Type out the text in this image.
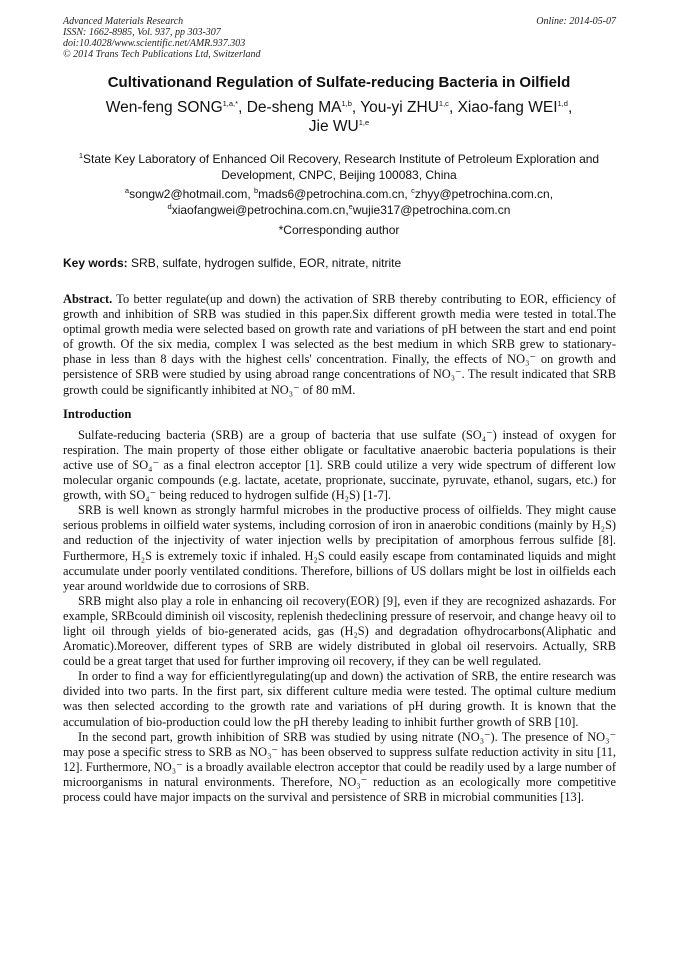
Advanced Materials Research
ISSN: 1662-8985, Vol. 937, pp 303-307
doi:10.4028/www.scientific.net/AMR.937.303
© 2014 Trans Tech Publications Ltd, Switzerland
Online: 2014-05-07
Cultivationand Regulation of Sulfate-reducing Bacteria in Oilfield
Wen-feng $SONG^{1,a,*}$, De-sheng MA$^{1,b}$, You-yi ZHU$^{1,c}$, Xiao-fang WEI$^{1,d}$,
Jie WU$^{1,e}$
$^1$State Key Laboratory of Enhanced Oil Recovery, Research Institute of Petroleum Exploration and Development, CNPC, Beijing 100083, China
$^a$songw2@hotmail.com, $^b$mads6@petrochina.com.cn, $^c$zhyy@petrochina.com.cn,
$^d$xiaofangwei@petrochina.com.cn,$^e$wujie317@petrochina.com.cn
*Corresponding author
Key words: SRB, sulfate, hydrogen sulfide, EOR, nitrate, nitrite

Abstract. To better regulate(up and down) the activation of SRB thereby contributing to EOR, efficiency of growth and inhibition of SRB was studied in this paper.Six different growth media were tested in total.The optimal growth media were selected based on growth rate and variations of pH between the start and end point of growth. Of the six media, complex I was selected as the best medium in which SRB grew to stationary-phase in less than 8 days with the highest cells' concentration. Finally, the effects of NO₃⁻ on growth and persistence of SRB were studied by using abroad range concentrations of NO₃⁻. The result indicated that SRB growth could be significantly inhibited at NO₃⁻ of 80 mM.

Introduction

Sulfate-reducing bacteria (SRB) are a group of bacteria that use sulfate (SO₄⁻) instead of oxygen for respiration. The main property of those either obligate or facultative anaerobic bacteria populations is their active use of SO₄⁻ as a final electron acceptor [1]. SRB could utilize a very wide spectrum of different low molecular organic compounds (e.g. lactate, acetate, proprionate, succinate, pyruvate, ethanol, sugars, etc.) for growth, with SO₄⁻ being reduced to hydrogen sulfide (H₂S) [1-7].

SRB is well known as strongly harmful microbes in the productive process of oilfields. They might cause serious problems in oilfield water systems, including corrosion of iron in anaerobic conditions (mainly by H₂S) and reduction of the injectivity of water injection wells by precipitation of amorphous ferrous sulfide [8]. Furthermore, H₂S is extremely toxic if inhaled. H₂S could easily escape from contaminated liquids and might accumulate under poorly ventilated conditions. Therefore, billions of US dollars might be lost in oilfields each year around worldwide due to corrosions of SRB.

SRB might also play a role in enhancing oil recovery(EOR) [9], even if they are recognized ashazards. For example, SRBcould diminish oil viscosity, replenish thedeclining pressure of reservoir, and change heavy oil to light oil through yields of bio-generated acids, gas (H₂S) and degradation ofhydrocarbons(Aliphatic and Aromatic).Moreover, different types of SRB are widely distributed in global oil reservoirs. Actually, SRB could be a great target that used for further improving oil recovery, if they can be well regulated.

In order to find a way for efficientlyregulating(up and down) the activation of SRB, the entire research was divided into two parts. In the first part, six different culture media were tested. The optimal culture medium was then selected according to the growth rate and variations of pH during growth. It is known that the accumulation of bio-production could low the pH thereby leading to inhibit further growth of SRB [10].

In the second part, growth inhibition of SRB was studied by using nitrate (NO₃⁻). The presence of NO₃⁻ may pose a specific stress to SRB as NO₃⁻ has been observed to suppress sulfate reduction activity in situ [11, 12]. Furthermore, NO₃⁻ is a broadly available electron acceptor that could be readily used by a large number of microorganisms in natural environments. Therefore, NO₃⁻ reduction as an ecologically more competitive process could have major impacts on the survival and persistence of SRB in microbial communities [13].
